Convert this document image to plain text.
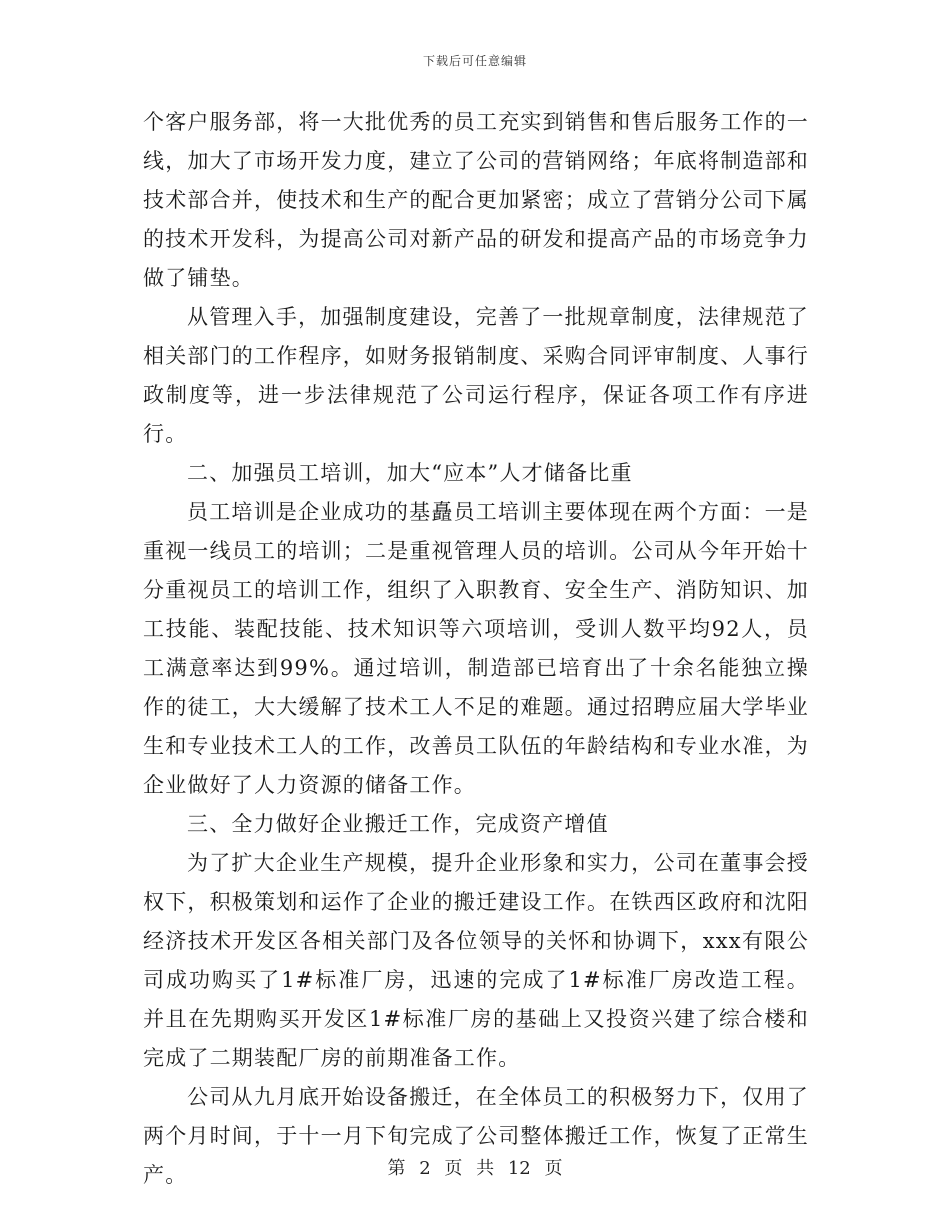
下载后可任意编辑

个客户服务部，将一大批优秀的员工充实到销售和售后服务工作的一线，加大了市场开发力度，建立了公司的营销网络；年底将制造部和技术部合并，使技术和生产的配合更加紧密；成立了营销分公司下属的技术开发科，为提高公司对新产品的研发和提高产品的市场竞争力做了铺垫。

从管理入手，加强制度建设，完善了一批规章制度，法律规范了相关部门的工作程序，如财务报销制度、采购合同评审制度、人事行政制度等，进一步法律规范了公司运行程序，保证各项工作有序进行。

二、加强员工培训，加大“应本”人才储备比重

员工培训是企业成功的基矗员工培训主要体现在两个方面：一是重视一线员工的培训；二是重视管理人员的培训。公司从今年开始十分重视员工的培训工作，组织了入职教育、安全生产、消防知识、加工技能、装配技能、技术知识等六项培训，受训人数平均92人，员工满意率达到99%。通过培训，制造部已培育出了十余名能独立操作的徒工，大大缓解了技术工人不足的难题。通过招聘应届大学毕业生和专业技术工人的工作，改善员工队伍的年龄结构和专业水准，为企业做好了人力资源的储备工作。

三、全力做好企业搬迁工作，完成资产增值

为了扩大企业生产规模，提升企业形象和实力，公司在董事会授权下，积极策划和运作了企业的搬迁建设工作。在铁西区政府和沈阳经济技术开发区各相关部门及各位领导的关怀和协调下，xxx有限公司成功购买了1#标准厂房，迅速的完成了1#标准厂房改造工程。并且在先期购买开发区1#标准厂房的基础上又投资兴建了综合楼和完成了二期装配厂房的前期准备工作。

公司从九月底开始设备搬迁，在全体员工的积极努力下，仅用了两个月时间，于十一月下旬完成了公司整体搬迁工作，恢复了正常生产。	第 2 页 共 12 页
